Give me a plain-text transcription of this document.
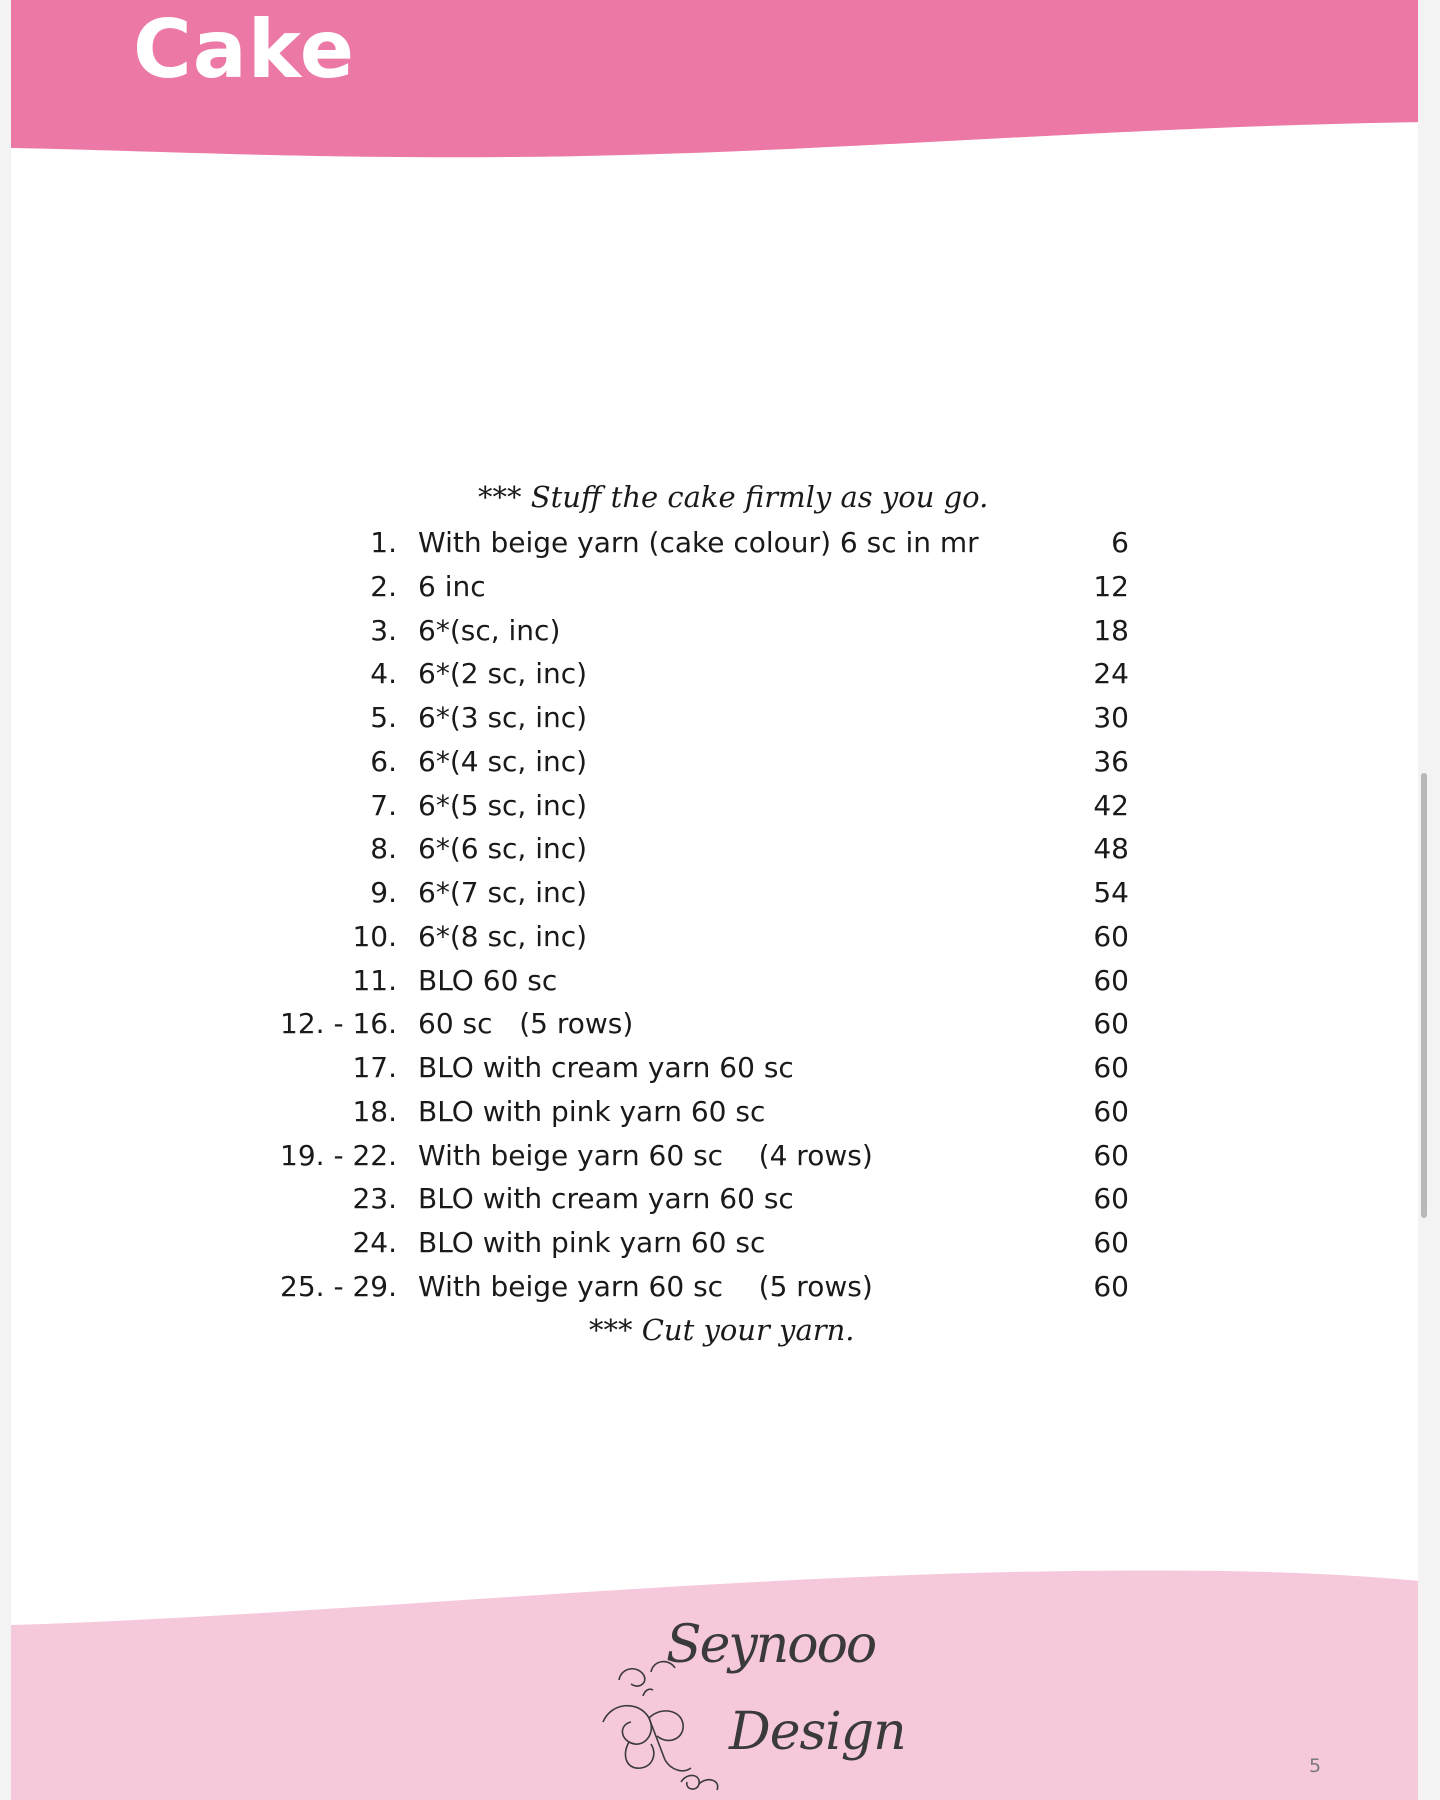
Cake
*** Stuff the cake firmly as you go.
1. With beige yarn (cake colour) 6 sc in mr	6
2. 6 inc	12
3. 6*(sc, inc)	18
4. 6*(2 sc, inc)	24
5. 6*(3 sc, inc)	30
6. 6*(4 sc, inc)	36
7. 6*(5 sc, inc)	42
8. 6*(6 sc, inc)	48
9. 6*(7 sc, inc)	54
10. 6*(8 sc, inc)	60
11. BLO 60 sc	60
12. - 16. 60 sc   (5 rows)	60
17. BLO with cream yarn 60 sc	60
18. BLO with pink yarn 60 sc	60
19. - 22. With beige yarn 60 sc    (4 rows)	60
23. BLO with cream yarn 60 sc	60
24. BLO with pink yarn 60 sc	60
25. - 29. With beige yarn 60 sc    (5 rows)	60
*** Cut your yarn.
Seynooo
Design
5
